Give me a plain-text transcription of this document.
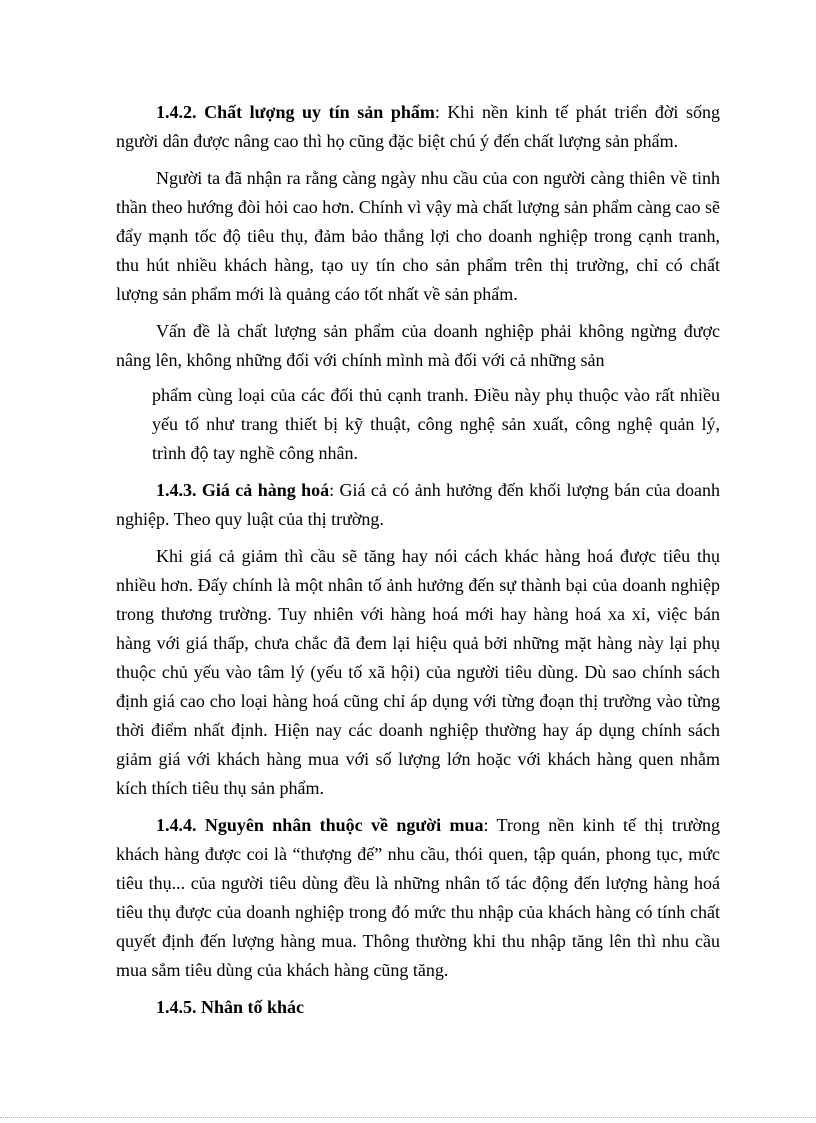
1.4.2. Chất lượng uy tín sản phẩm: Khi nền kinh tế phát triển đời sống người dân được nâng cao thì họ cũng đặc biệt chú ý đến chất lượng sản phẩm.

Người ta đã nhận ra rằng càng ngày nhu cầu của con người càng thiên về tinh thần theo hướng đòi hỏi cao hơn. Chính vì vậy mà chất lượng sản phẩm càng cao sẽ đẩy mạnh tốc độ tiêu thụ, đảm bảo thắng lợi cho doanh nghiệp trong cạnh tranh, thu hút nhiều khách hàng, tạo uy tín cho sản phẩm trên thị trường, chỉ có chất lượng sản phẩm mới là quảng cáo tốt nhất về sản phẩm.

Vấn đề là chất lượng sản phẩm của doanh nghiệp phải không ngừng được nâng lên, không những đối với chính mình mà đối với cả những sản

phẩm cùng loại của các đối thủ cạnh tranh. Điều này phụ thuộc vào rất nhiều yếu tố như trang thiết bị kỹ thuật, công nghệ sản xuất, công nghệ quản lý, trình độ tay nghề công nhân.

1.4.3. Giá cả hàng hoá: Giá cả có ảnh hưởng đến khối lượng bán của doanh nghiệp. Theo quy luật của thị trường.

Khi giá cả giảm thì cầu sẽ tăng hay nói cách khác hàng hoá được tiêu thụ nhiều hơn. Đấy chính là một nhân tố ảnh hưởng đến sự thành bại của doanh nghiệp trong thương trường. Tuy nhiên với hàng hoá mới hay hàng hoá xa xỉ, việc bán hàng với giá thấp, chưa chắc đã đem lại hiệu quả bởi những mặt hàng này lại phụ thuộc chủ yếu vào tâm lý (yếu tố xã hội) của người tiêu dùng. Dù sao chính sách định giá cao cho loại hàng hoá cũng chỉ áp dụng với từng đoạn thị trường vào từng thời điểm nhất định. Hiện nay các doanh nghiệp thường hay áp dụng chính sách giảm giá với khách hàng mua với số lượng lớn hoặc với khách hàng quen nhằm kích thích tiêu thụ sản phẩm.

1.4.4. Nguyên nhân thuộc về người mua: Trong nền kinh tế thị trường khách hàng được coi là “thượng đế” nhu cầu, thói quen, tập quán, phong tục, mức tiêu thụ... của người tiêu dùng đều là những nhân tố tác động đến lượng hàng hoá tiêu thụ được của doanh nghiệp trong đó mức thu nhập của khách hàng có tính chất quyết định đến lượng hàng mua. Thông thường khi thu nhập tăng lên thì nhu cầu mua sắm tiêu dùng của khách hàng cũng tăng.

1.4.5. Nhân tố khác
